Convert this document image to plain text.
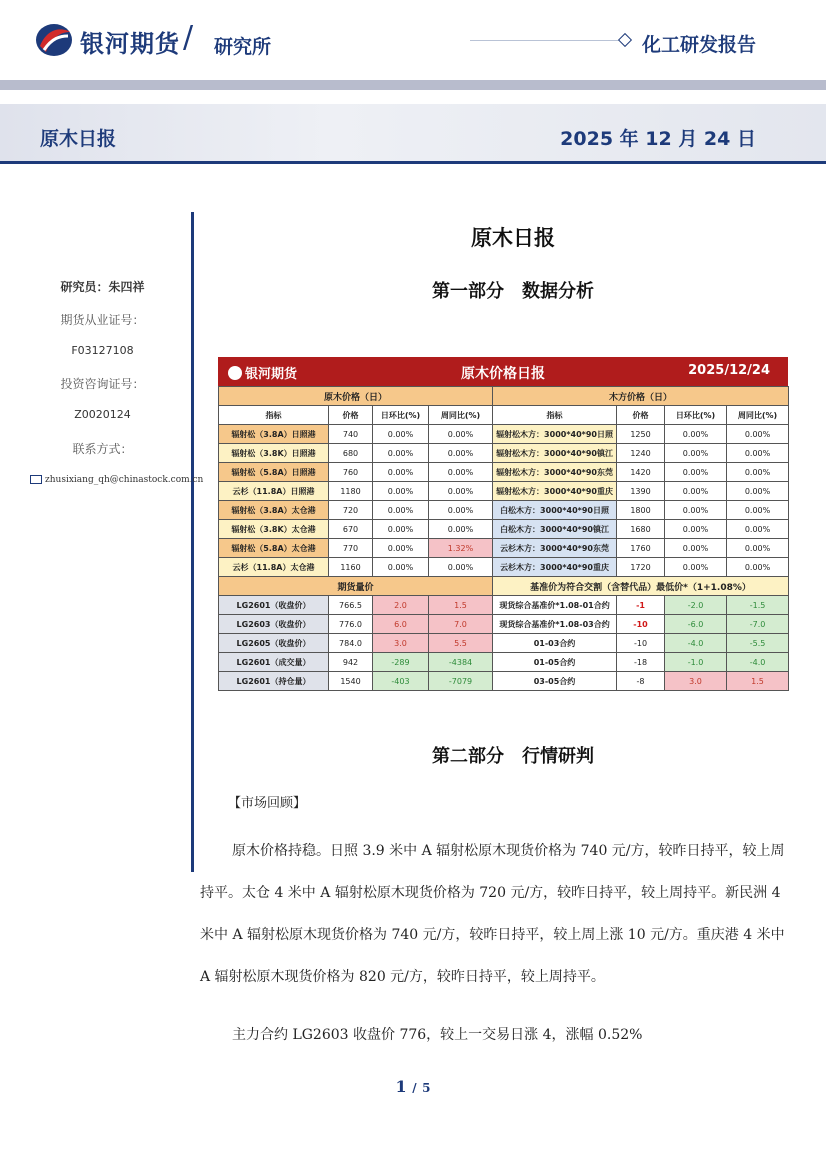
银河期货 / 研究所	化工研发报告
原木日报	2025 年 12 月 24 日
研究员：朱四祥
期货从业证号：
F03127108
投资咨询证号：
Z0020124
联系方式：
zhusixiang_qh@chinastock.com.cn
原木日报
第一部分　数据分析
原木价格日报
银河期货	2025/12/24
原木价格（日）				木方价格（日）			
指标	价格	日环比(%)	周同比(%)	指标	价格	日环比(%)	周同比(%)
辐射松（3.8A）日照港	740	0.00%	0.00%	辐射松木方：3000*40*90日照	1250	0.00%	0.00%
辐射松（3.8K）日照港	680	0.00%	0.00%	辐射松木方：3000*40*90镇江	1240	0.00%	0.00%
辐射松（5.8A）日照港	760	0.00%	0.00%	辐射松木方：3000*40*90东莞	1420	0.00%	0.00%
云杉（11.8A）日照港	1180	0.00%	0.00%	辐射松木方：3000*40*90重庆	1390	0.00%	0.00%
辐射松（3.8A）太仓港	720	0.00%	0.00%	白松木方：3000*40*90日照	1800	0.00%	0.00%
辐射松（3.8K）太仓港	670	0.00%	0.00%	白松木方：3000*40*90镇江	1680	0.00%	0.00%
辐射松（5.8A）太仓港	770	0.00%	1.32%	云杉木方：3000*40*90东莞	1760	0.00%	0.00%
云杉（11.8A）太仓港	1160	0.00%	0.00%	云杉木方：3000*40*90重庆	1720	0.00%	0.00%
期货量价				基准价为符合交割（含替代品）最低价*（1+1.08%）			
LG2601（收盘价）	766.5	2.0	1.5	现货综合基准价*1.08-01合约	-1	-2.0	-1.5
LG2603（收盘价）	776.0	6.0	7.0	现货综合基准价*1.08-03合约	-10	-6.0	-7.0
LG2605（收盘价）	784.0	3.0	5.5	01-03合约	-10	-4.0	-5.5
LG2601（成交量）	942	-289	-4384	01-05合约	-18	-1.0	-4.0
LG2601（持仓量）	1540	-403	-7079	03-05合约	-8	3.0	1.5
第二部分　行情研判
【市场回顾】
原木价格持稳。日照 3.9 米中 A 辐射松原木现货价格为 740 元/方，较昨日持平，较上周持平。太仓 4 米中 A 辐射松原木现货价格为 720 元/方，较昨日持平，较上周持平。新民洲 4 米中 A 辐射松原木现货价格为 740 元/方，较昨日持平，较上周上涨 10 元/方。重庆港 4 米中 A 辐射松原木现货价格为 820 元/方，较昨日持平，较上周持平。
主力合约 LG2603 收盘价 776，较上一交易日涨 4，涨幅 0.52%
1 / 5
